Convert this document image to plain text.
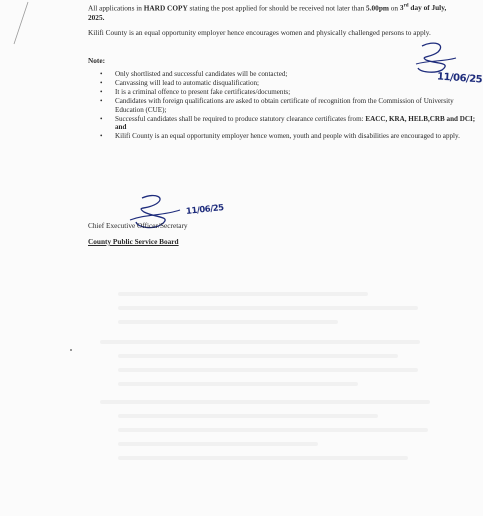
All applications in HARD COPY stating the post applied for should be received not later than 5.00pm on 3rd day of July, 2025.

Kilifi County is an equal opportunity employer hence encourages women and physically challenged persons to apply.

Note:

• Only shortlisted and successful candidates will be contacted;
• Canvassing will lead to automatic disqualification;
• It is a criminal offence to present fake certificates/documents;
• Candidates with foreign qualifications are asked to obtain certificate of recognition from the Commission of University Education (CUE);
• Successful candidates shall be required to produce statutory clearance certificates from: EACC, KRA, HELB,CRB and DCI; and
• Kilifi County is an equal opportunity employer hence women, youth and people with disabilities are encouraged to apply.
11/06/25
11/06/25

Chief Executive Officer/Secretary

County Public Service Board
